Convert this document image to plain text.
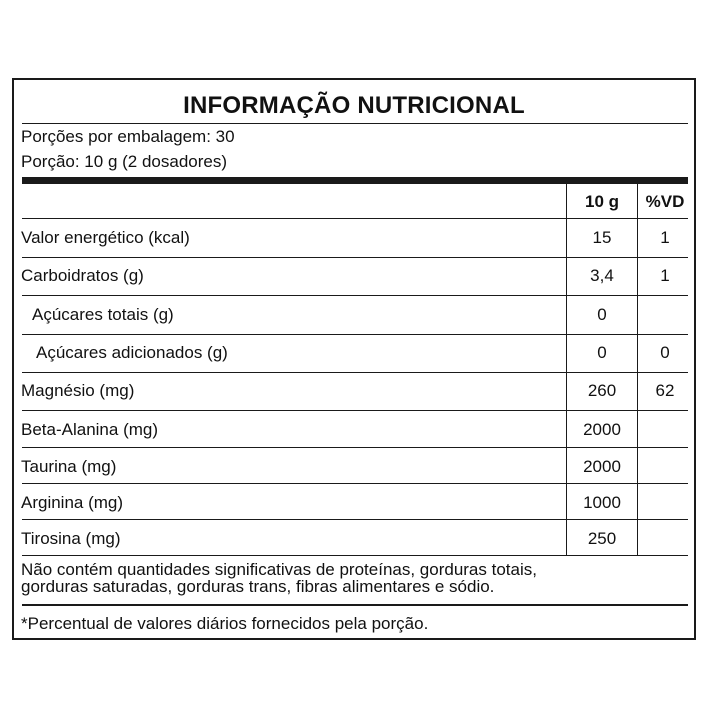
INFORMAÇÃO NUTRICIONAL
Porções por embalagem: 30
Porção: 10 g (2 dosadores)
10 g	%VD
Valor energético (kcal)	15	1
Carboidratos (g)	3,4	1
Açúcares totais (g)	0
Açúcares adicionados (g)	0	0
Magnésio (mg)	260	62
Beta-Alanina (mg)	2000
Taurina (mg)	2000
Arginina (mg)	1000
Tirosina (mg)	250
Não contém quantidades significativas de proteínas, gorduras totais,
gorduras saturadas, gorduras trans, fibras alimentares e sódio.
*Percentual de valores diários fornecidos pela porção.
